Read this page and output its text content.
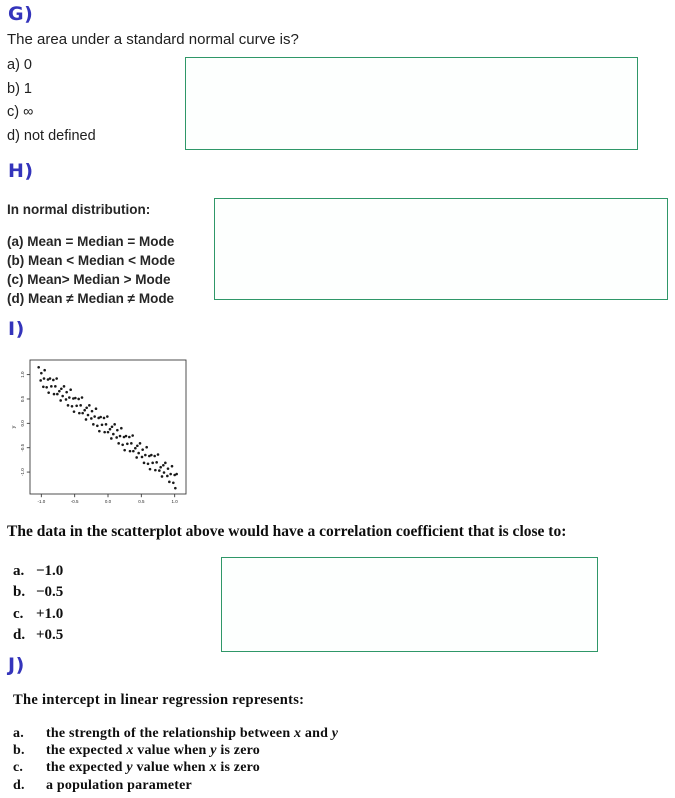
G)
The area under a standard normal curve is?
a) 0
b) 1
c) ∞
d) not defined
H)
In normal distribution:
(a) Mean = Median = Mode
(b) Mean < Median < Mode
(c) Mean> Median > Mode
(d) Mean ≠ Median ≠ Mode
I)
-1.0	-0.5	0.0	0.5	1.0
1.0
0.5
0.0
-0.5
-1.0
y
The data in the scatterplot above would have a correlation coefficient that is close to:
a. −1.0
b. −0.5
c. +1.0
d. +0.5
J)
The intercept in linear regression represents:
a.	the strength of the relationship between x and y
b.	the expected x value when y is zero
c.	the expected y value when x is zero
d.	a population parameter
